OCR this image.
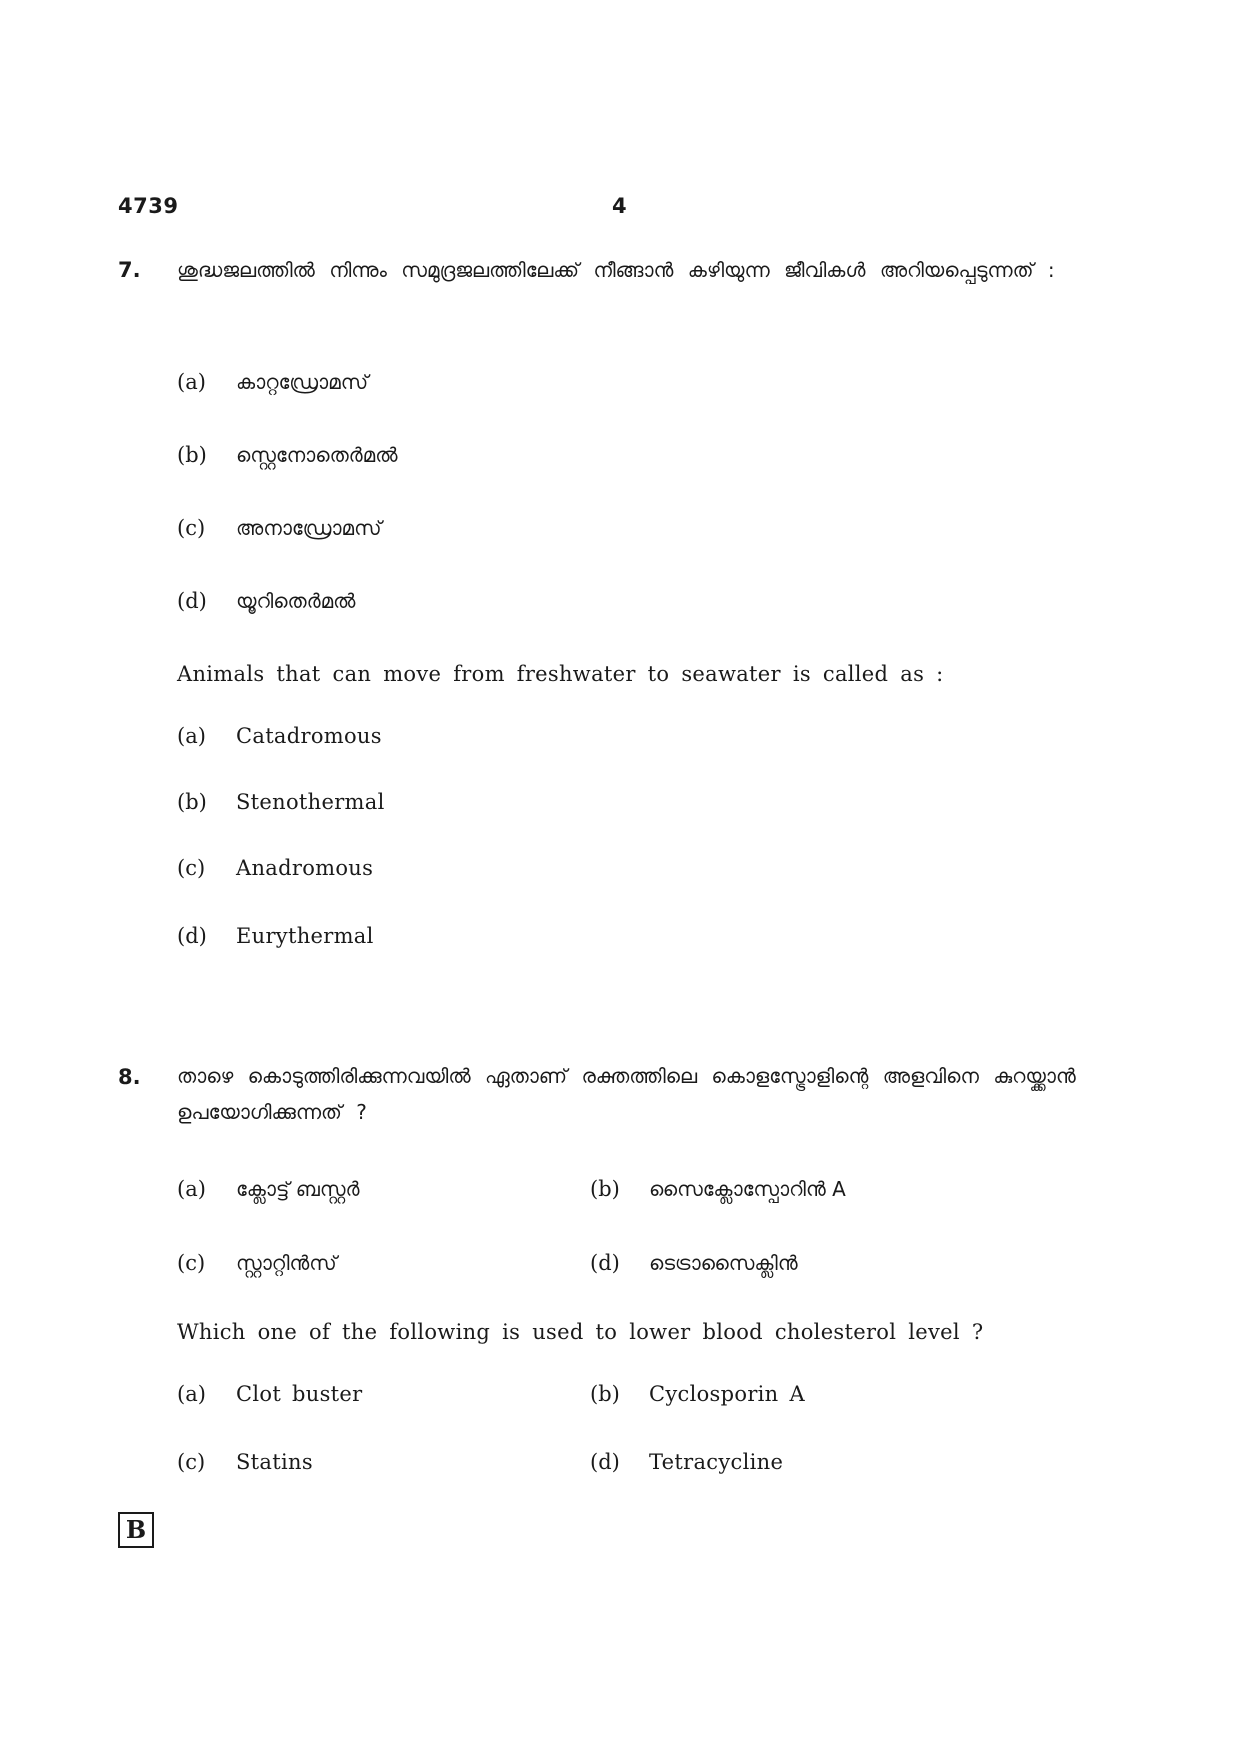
4739	4
7. ശുദ്ധജലത്തിൽ നിന്നും സമുദ്രജലത്തിലേക്ക് നീങ്ങാൻ കഴിയുന്ന ജീവികൾ അറിയപ്പെടുന്നത് :
(a) കാറ്റഡ്രോമസ്
(b) സ്റ്റെനോതെർമൽ
(c) അനാഡ്രോമസ്
(d) യൂറിതെർമൽ
Animals that can move from freshwater to seawater is called as :
(a) Catadromous
(b) Stenothermal
(c) Anadromous
(d) Eurythermal
8. താഴെ കൊടുത്തിരിക്കുന്നവയിൽ ഏതാണ് രക്തത്തിലെ കൊളസ്ട്രോളിന്റെ അളവിനെ കുറയ്ക്കാൻ ഉപയോഗിക്കുന്നത് ?
(a) ക്ലോട്ട് ബസ്റ്റർ	(b) സൈക്ലോസ്പോറിൻ A
(c) സ്റ്റാറ്റിൻസ്	(d) ടെട്രാസൈക്ലിൻ
Which one of the following is used to lower blood cholesterol level ?
(a) Clot buster	(b) Cyclosporin A
(c) Statins	(d) Tetracycline
B
